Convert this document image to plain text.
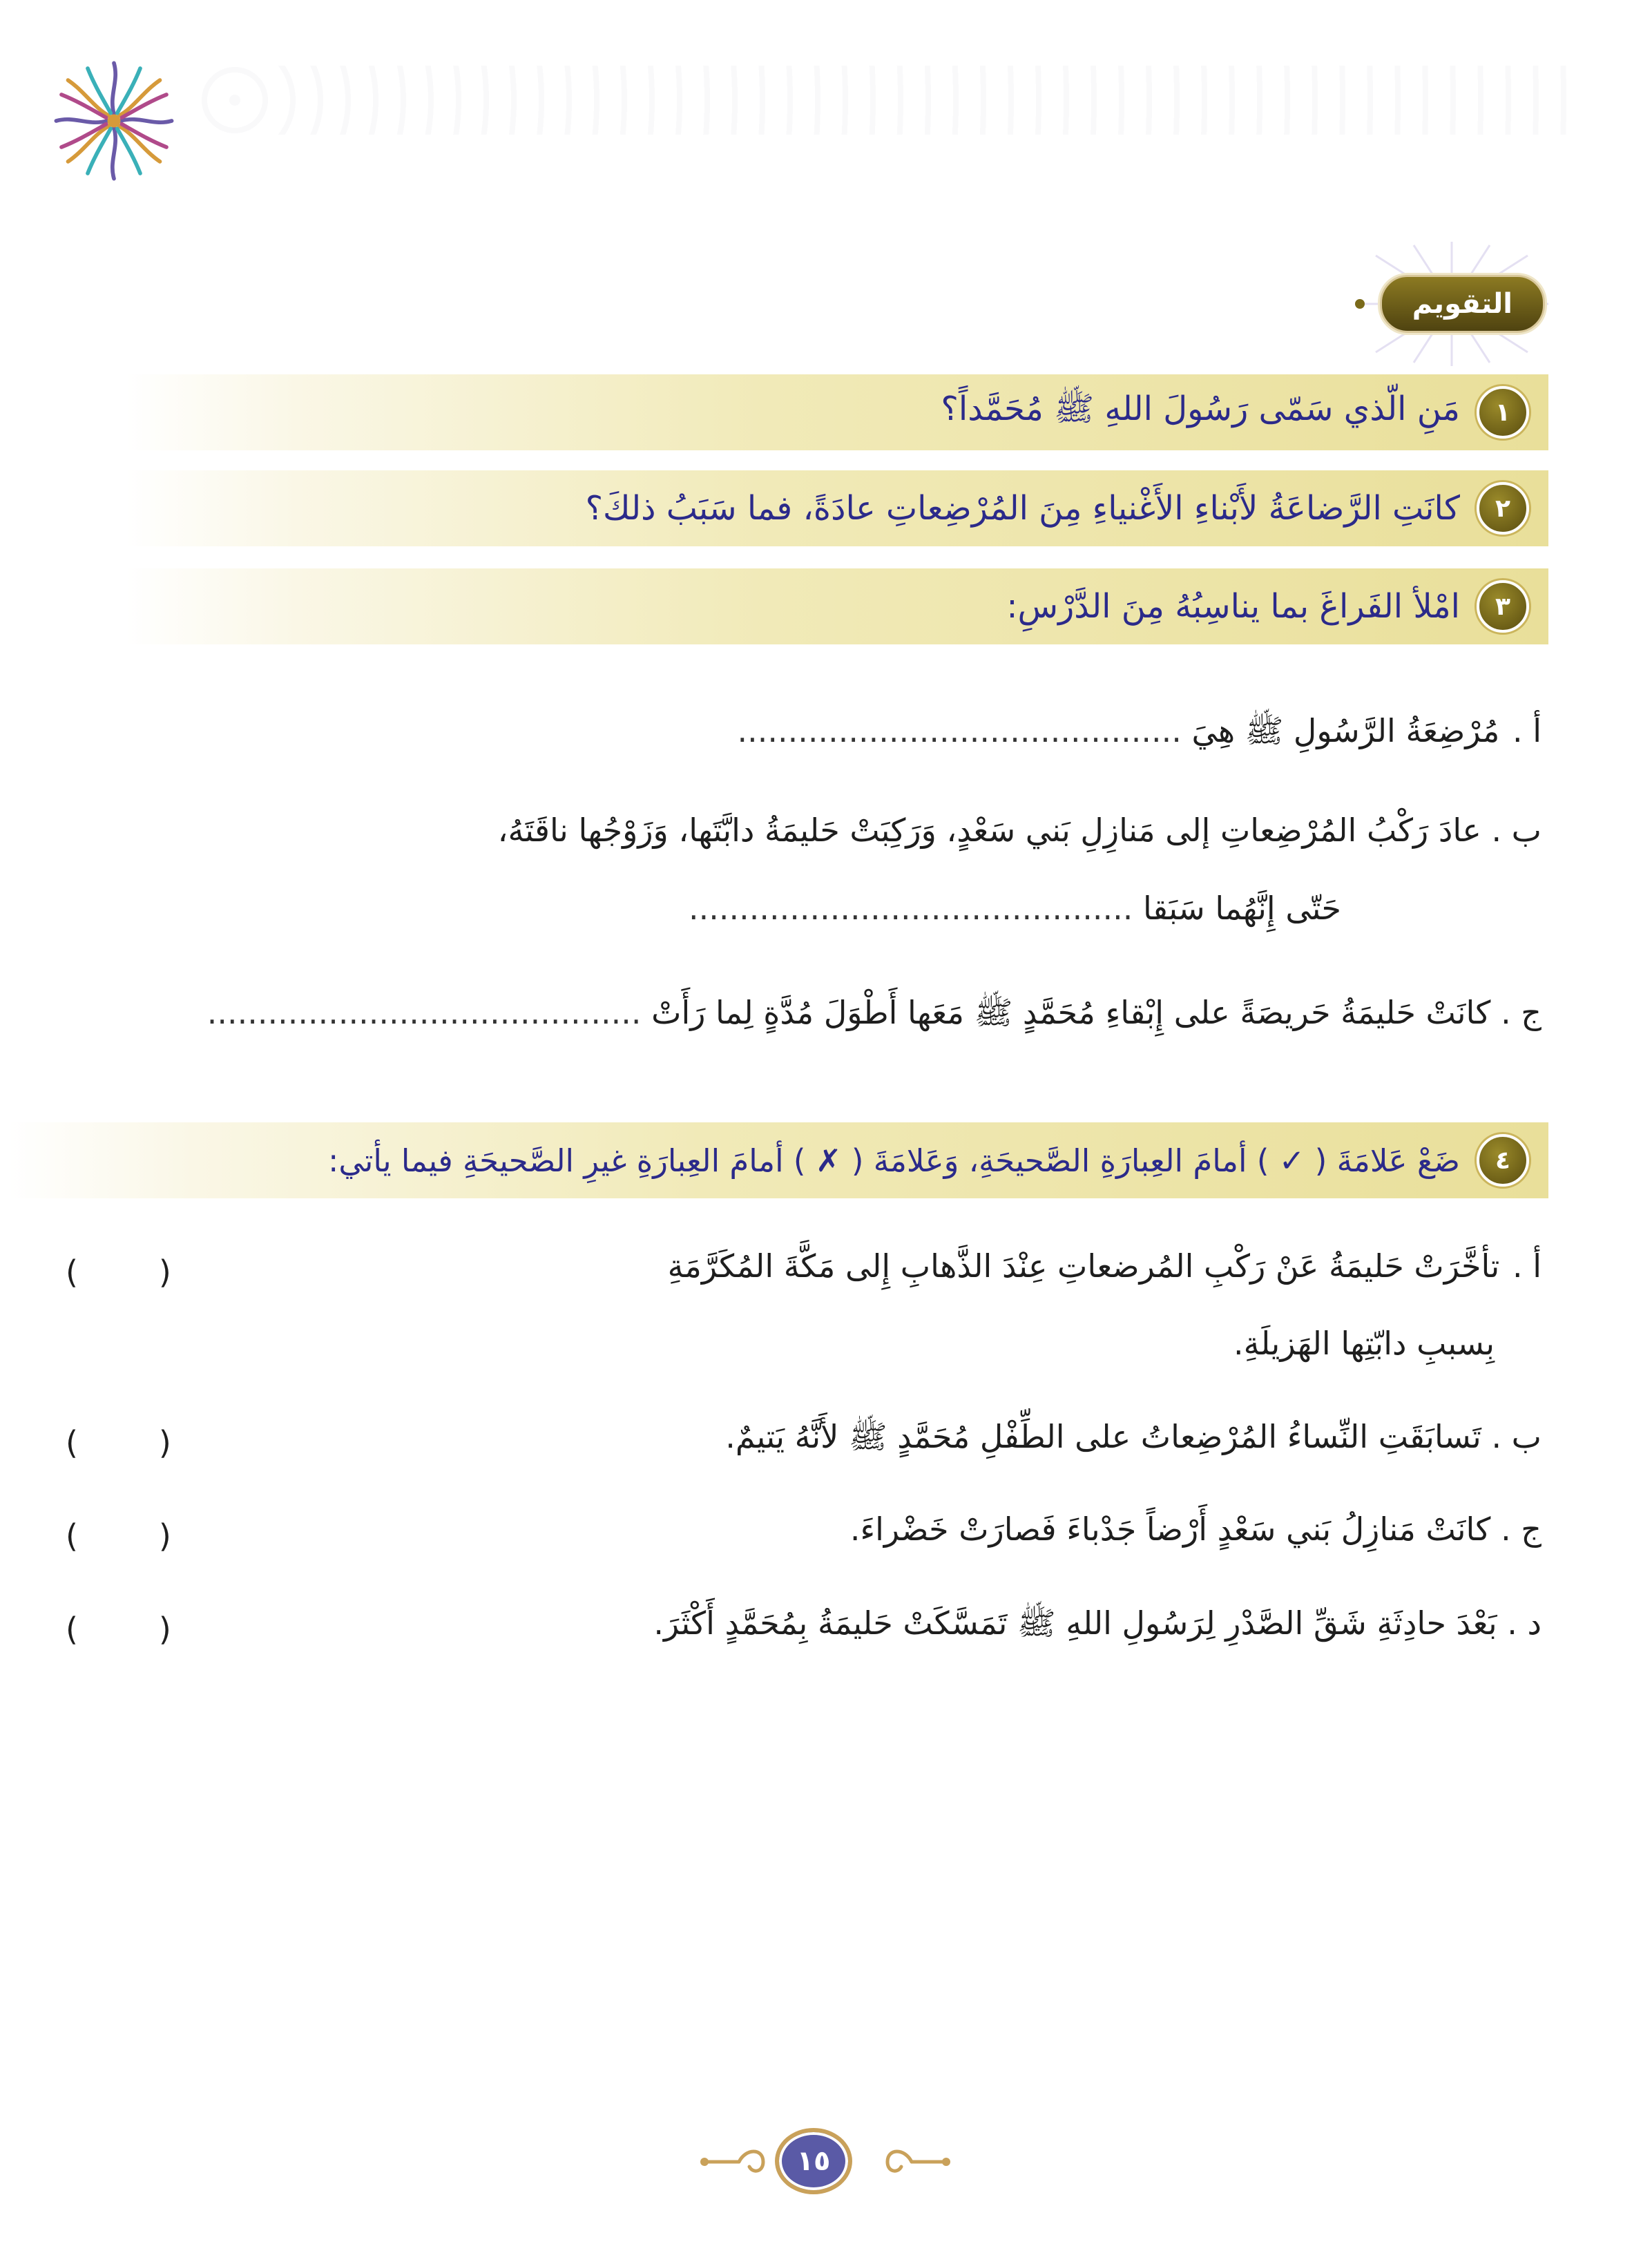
التقويم
١
مَنِ الّذي سَمّى رَسُولَ اللهِ ﷺ مُحَمَّداً؟
٢
كانَتِ الرَّضاعَةُ لأَبْناءِ الأَغْنياءِ مِنَ المُرْضِعاتِ عادَةً، فما سَبَبُ ذلكَ؟
٣
امْلأ الفَراغَ بما يناسِبُهُ مِنَ الدَّرْسِ:
أ . مُرْضِعَةُ الرَّسُولِ ﷺ هِيَ ............................................
ب . عادَ رَكْبُ المُرْضِعاتِ إلى مَنازِلِ بَني سَعْدٍ، وَرَكِبَتْ حَليمَةُ دابَّتَها، وَزَوْجُها ناقَتَهُ،
حَتّى إِنَّهُما سَبَقا ............................................
ج . كانَتْ حَليمَةُ حَريصَةً على إِبْقاءِ مُحَمَّدٍ ﷺ مَعَها أَطْوَلَ مُدَّةٍ لِما رَأَتْ ...........................................
٤
ضَعْ عَلامَةَ ( ✓ ) أمامَ العِبارَةِ الصَّحيحَةِ، وَعَلامَةَ ( ✗ ) أمامَ العِبارَةِ غيرِ الصَّحيحَةِ فيما يأتي:
أ . تأخَّرَتْ حَليمَةُ عَنْ رَكْبِ المُرضعاتِ عِنْدَ الذَّهابِ إِلى مَكَّةَ المُكَرَّمَةِ
بِسببِ دابّتِها الهَزيلَةِ.
(        )
ب . تَسابَقَتِ النِّساءُ المُرْضِعاتُ على الطِّفْلِ مُحَمَّدٍ ﷺ لأَنَّهُ يَتيمٌ.
(        )
ج . كانَتْ مَنازِلُ بَني سَعْدٍ أَرْضاً جَدْباءَ فَصارَتْ خَضْراءَ.
(        )
د . بَعْدَ حادِثَةِ شَقِّ الصَّدْرِ لِرَسُولِ اللهِ ﷺ تَمَسَّكَتْ حَليمَةُ بِمُحَمَّدٍ أَكْثَرَ.
(        )
١٥
